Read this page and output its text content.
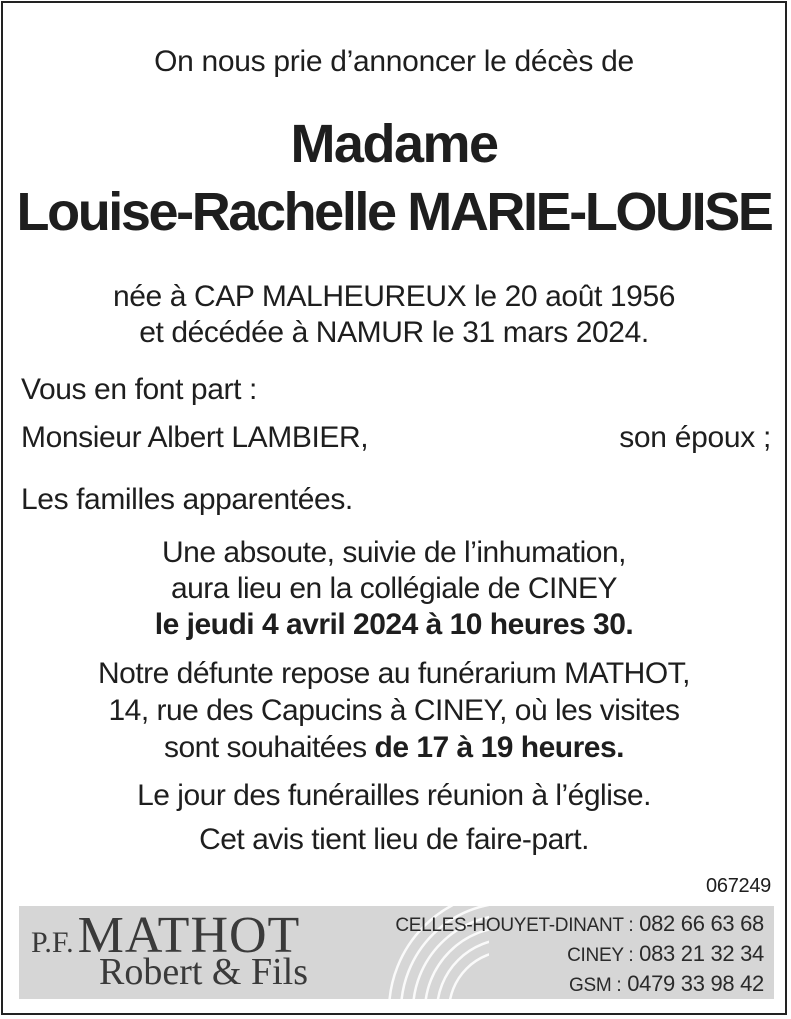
On nous prie d’annoncer le décès de
Madame
Louise-Rachelle MARIE-LOUISE
née à CAP MALHEUREUX le 20 août 1956
et décédée à NAMUR le 31 mars 2024.
Vous en font part :
Monsieur Albert LAMBIER,	son époux ;
Les familles apparentées.
Une absoute, suivie de l’inhumation,
aura lieu en la collégiale de CINEY
le jeudi 4 avril 2024 à 10 heures 30.
Notre défunte repose au funérarium MATHOT,
14, rue des Capucins à CINEY, où les visites
sont souhaitées de 17 à 19 heures.
Le jour des funérailles réunion à l’église.
Cet avis tient lieu de faire-part.
067249
P.F. MATHOT
Robert & Fils
CELLES-HOUYET-DINANT : 082 66 63 68
CINEY : 083 21 32 34
GSM : 0479 33 98 42
